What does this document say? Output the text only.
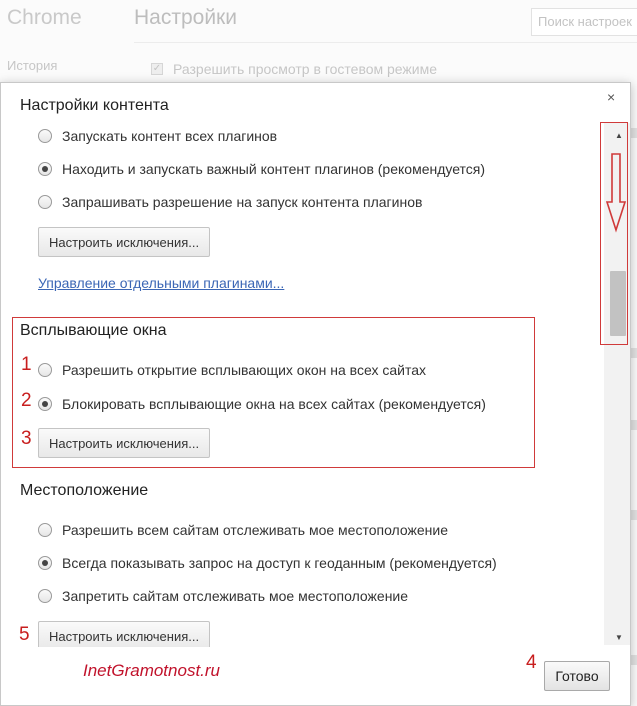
Chrome Настройки	Поиск настроек
История	✓ Разрешить просмотр в гостевом режиме
Настройки контента	×
Запускать контент всех плагинов
Находить и запускать важный контент плагинов (рекомендуется)
Запрашивать разрешение на запуск контента плагинов
Настроить исключения...
Управление отдельными плагинами...
Всплывающие окна
Разрешить открытие всплывающих окон на всех сайтах
Блокировать всплывающие окна на всех сайтах (рекомендуется)
Настроить исключения...
Местоположение
Разрешить всем сайтам отслеживать мое местоположение
Всегда показывать запрос на доступ к геоданным (рекомендуется)
Запретить сайтам отслеживать мое местоположение
Настроить исключения...
▲
▼
InetGramotnost.ru	Готово
1
2
3
4
5
